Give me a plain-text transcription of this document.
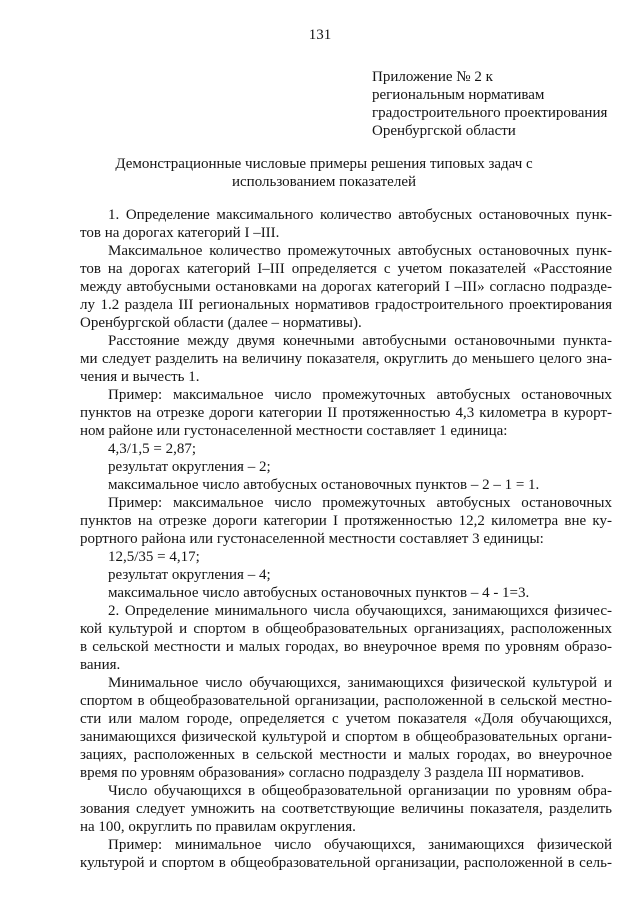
131
Приложение № 2 к
региональным нормативам
градостроительного проектирования
Оренбургской области
Демонстрационные числовые примеры решения типовых задач с
использованием показателей
1. Определение максимального количество автобусных остановочных пунк-
тов на дорогах категорий I –III.
Максимальное количество промежуточных автобусных остановочных пунк-
тов на дорогах категорий I–III определяется с учетом показателей «Расстояние
между автобусными остановками на дорогах категорий I –III» согласно подразде-
лу 1.2 раздела III региональных нормативов градостроительного проектирования
Оренбургской области (далее – нормативы).
Расстояние между двумя конечными автобусными остановочными пункта-
ми следует разделить на величину показателя, округлить до меньшего целого зна-
чения и вычесть 1.
Пример: максимальное число промежуточных автобусных остановочных
пунктов на отрезке дороги категории II протяженностью 4,3 километра в курорт-
ном районе или густонаселенной местности составляет 1 единица:
4,3/1,5 = 2,87;
результат округления – 2;
максимальное число автобусных остановочных пунктов – 2 – 1 = 1.
Пример: максимальное число промежуточных автобусных остановочных
пунктов на отрезке дороги категории I протяженностью 12,2 километра вне ку-
рортного района или густонаселенной местности составляет 3 единицы:
12,5/35 = 4,17;
результат округления – 4;
максимальное число автобусных остановочных пунктов – 4 - 1=3.
2. Определение минимального числа обучающихся, занимающихся физичес-
кой культурой и спортом в общеобразовательных организациях, расположенных
в сельской местности и малых городах, во внеурочное время по уровням образо-
вания.
Минимальное число обучающихся, занимающихся физической культурой и
спортом в общеобразовательной организации, расположенной в сельской местно-
сти или малом городе, определяется с учетом показателя «Доля обучающихся,
занимающихся физической культурой и спортом в общеобразовательных органи-
зациях, расположенных в сельской местности и малых городах, во внеурочное
время по уровням образования» согласно подразделу 3 раздела III нормативов.
Число обучающихся в общеобразовательной организации по уровням обра-
зования следует умножить на соответствующие величины показателя, разделить
на 100, округлить по правилам округления.
Пример: минимальное число обучающихся, занимающихся физической
культурой и спортом в общеобразовательной организации, расположенной в сель-
